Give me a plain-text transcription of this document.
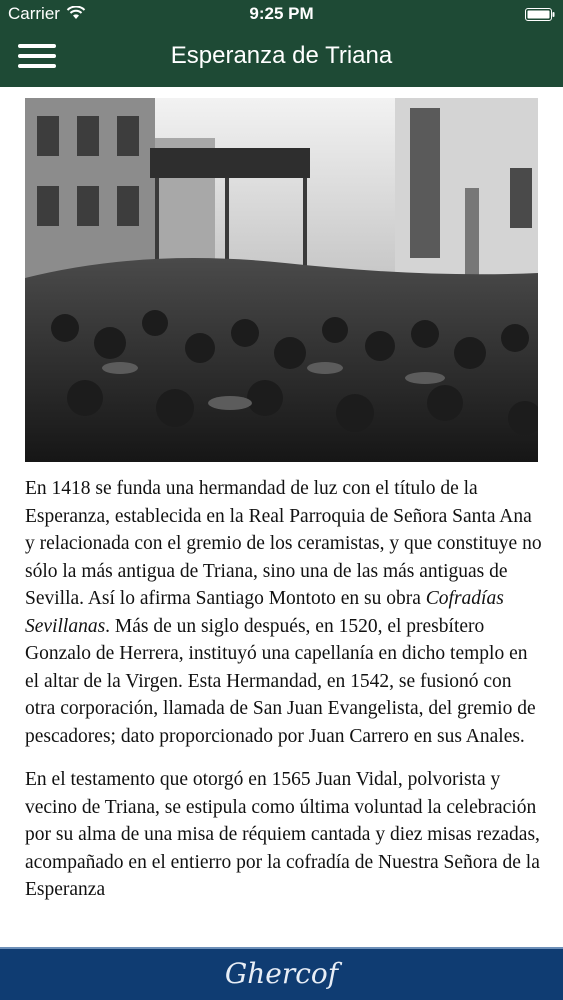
Carrier	9:25 PM
Esperanza de Triana

En 1418 se funda una hermandad de luz con el título de la Esperanza, establecida en la Real Parroquia de Señora Santa Ana y relacionada con el gremio de los ceramistas, y que constituye no sólo la más antigua de Triana, sino una de las más antiguas de Sevilla. Así lo afirma Santiago Montoto en su obra Cofradías Sevillanas. Más de un siglo después, en 1520, el presbítero Gonzalo de Herrera, instituyó una capellanía en dicho templo en el altar de la Virgen. Esta Hermandad, en 1542, se fusionó con otra corporación, llamada de San Juan Evangelista, del gremio de pescadores; dato proporcionado por Juan Carrero en sus Anales.

En el testamento que otorgó en 1565 Juan Vidal, polvorista y vecino de Triana, se estipula como última voluntad la celebración por su alma de una misa de réquiem cantada y diez misas rezadas, acompañado en el entierro por la cofradía de Nuestra Señora de la Esperanza

Ghercof
